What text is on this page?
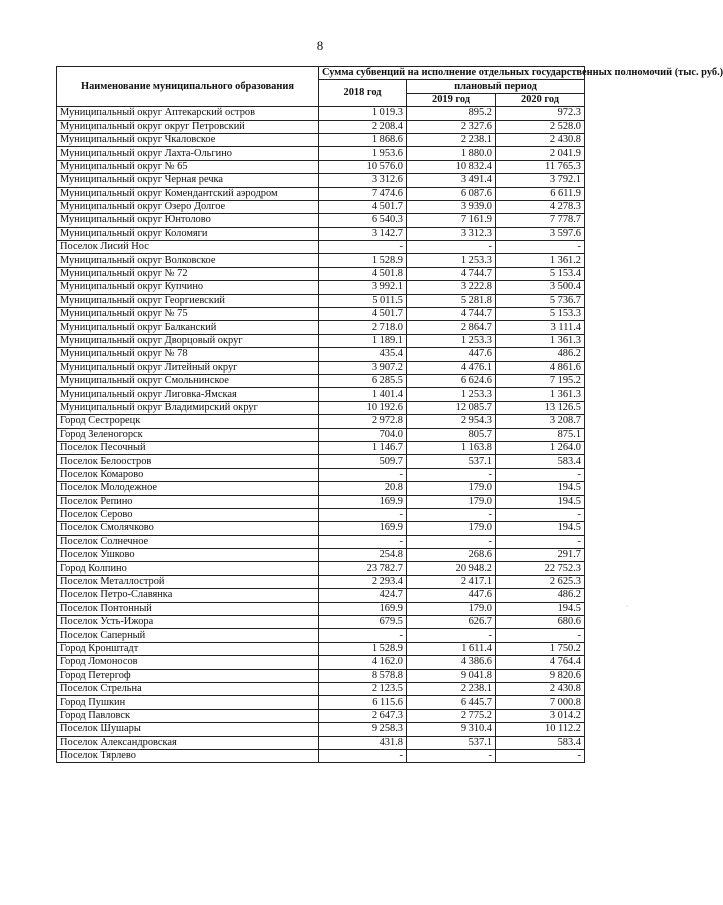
8
Наименование муниципального образования	Сумма субвенций на исполнение отдельных государственных полномочий (тыс. руб.)		
	2018 год	плановый период	
		2019 год	2020 год
Муниципальный округ Аптекарский остров	1 019.3	895.2	972.3
Муниципальный округ округ Петровский	2 208.4	2 327.6	2 528.0
Муниципальный округ Чкаловское	1 868.6	2 238.1	2 430.8
Муниципальный округ Лахта-Ольгино	1 953.6	1 880.0	2 041.9
Муниципальный округ № 65	10 576.0	10 832.4	11 765.3
Муниципальный округ Черная речка	3 312.6	3 491.4	3 792.1
Муниципальный округ Комендантский аэродром	7 474.6	6 087.6	6 611.9
Муниципальный округ Озеро Долгое	4 501.7	3 939.0	4 278.3
Муниципальный округ Юнтолово	6 540.3	7 161.9	7 778.7
Муниципальный округ Коломяги	3 142.7	3 312.3	3 597.6
Поселок Лисий Нос	-	-	-
Муниципальный округ Волковское	1 528.9	1 253.3	1 361.2
Муниципальный округ № 72	4 501.8	4 744.7	5 153.4
Муниципальный округ Купчино	3 992.1	3 222.8	3 500.4
Муниципальный округ Георгиевский	5 011.5	5 281.8	5 736.7
Муниципальный округ № 75	4 501.7	4 744.7	5 153.3
Муниципальный округ Балканский	2 718.0	2 864.7	3 111.4
Муниципальный округ Дворцовый округ	1 189.1	1 253.3	1 361.3
Муниципальный округ № 78	435.4	447.6	486.2
Муниципальный округ Литейный округ	3 907.2	4 476.1	4 861.6
Муниципальный округ Смольнинское	6 285.5	6 624.6	7 195.2
Муниципальный округ Лиговка-Ямская	1 401.4	1 253.3	1 361.3
Муниципальный округ Владимирский округ	10 192.6	12 085.7	13 126.5
Город Сестрорецк	2 972.8	2 954.3	3 208.7
Город Зеленогорск	704.0	805.7	875.1
Поселок Песочный	1 146.7	1 163.8	1 264.0
Поселок Белоостров	509.7	537.1	583.4
Поселок Комарово	-	-	-
Поселок Молодежное	20.8	179.0	194.5
Поселок Репино	169.9	179.0	194.5
Поселок Серово	-	-	-
Поселок Смолячково	169.9	179.0	194.5
Поселок Солнечное	-	-	-
Поселок Ушково	254.8	268.6	291.7
Город Колпино	23 782.7	20 948.2	22 752.3
Поселок Металлострой	2 293.4	2 417.1	2 625.3
Поселок Петро-Славянка	424.7	447.6	486.2
Поселок Понтонный	169.9	179.0	194.5
Поселок Усть-Ижора	679.5	626.7	680.6
Поселок Саперный	-	-	-
Город Кронштадт	1 528.9	1 611.4	1 750.2
Город Ломоносов	4 162.0	4 386.6	4 764.4
Город Петергоф	8 578.8	9 041.8	9 820.6
Поселок Стрельна	2 123.5	2 238.1	2 430.8
Город Пушкин	6 115.6	6 445.7	7 000.8
Город Павловск	2 647.3	2 775.2	3 014.2
Поселок Шушары	9 258.3	9 310.4	10 112.2
Поселок Александровская	431.8	537.1	583.4
Поселок Тярлево	-	-	-
·
